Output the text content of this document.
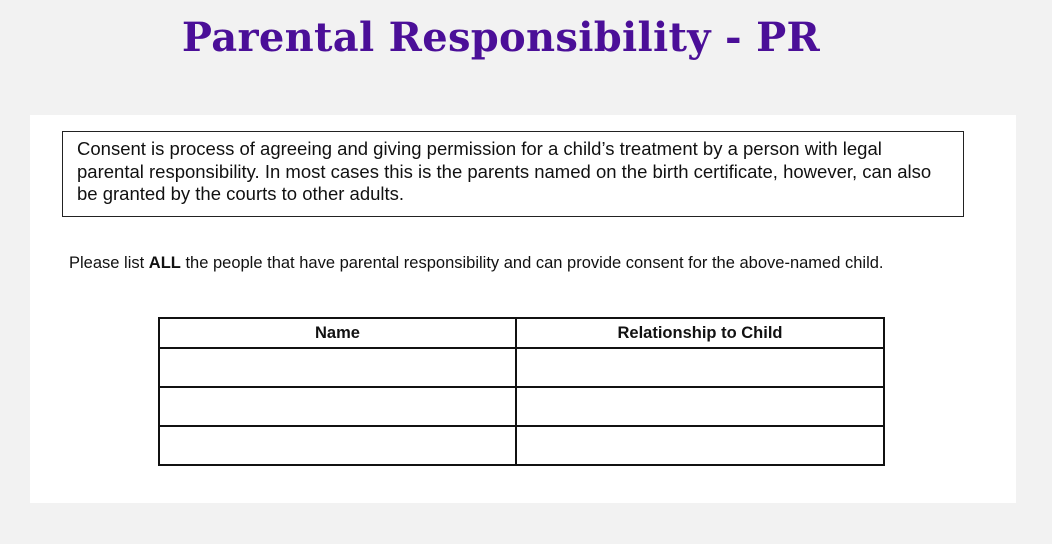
Parental Responsibility - PR
Consent is process of agreeing and giving permission for a child’s treatment by a person with legal parental responsibility. In most cases this is the parents named on the birth certificate, however, can also be granted by the courts to other adults.
Please list ALL the people that have parental responsibility and can provide consent for the above-named child.
Name	Relationship to Child
